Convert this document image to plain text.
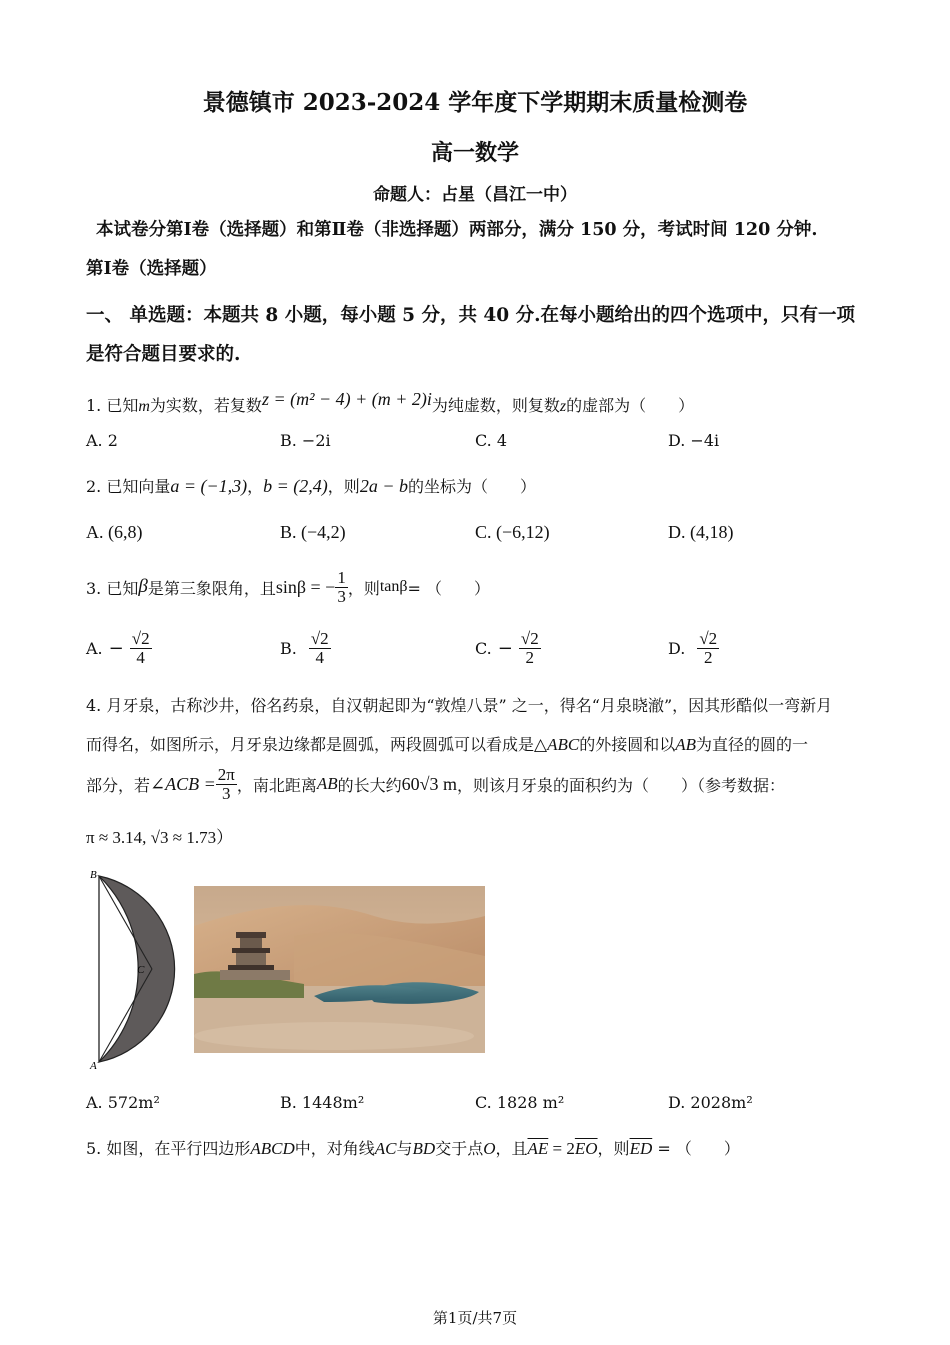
景德镇市 2023-2024 学年度下学期期末质量检测卷
高一数学
命题人：占星（昌江一中）
本试卷分第Ⅰ卷（选择题）和第Ⅱ卷（非选择题）两部分，满分 150 分，考试时间 120 分钟.
第Ⅰ卷（选择题）
一、 单选题：本题共 8 小题，每小题 5 分，共 40 分.在每小题给出的四个选项中，只有一项
是符合题目要求的.
1. 已知m为实数，若复数z = (m² − 4) + (m + 2)i为纯虚数，则复数z的虚部为（　　）
A. 2	B. −2i	C. 4	D. −4i
2. 已知向量a = (−1,3)，b = (2,4)，则2a − b的坐标为（　　）
A. (6,8)	B. (−4,2)	C. (−6,12)	D. (4,18)
3. 已知 β 是第三象限角，且 sinβ = − $\frac{1}{3}$ ，则 tanβ = （　　）
A. − $\frac{√2}{4}$	B. $\frac{√2}{4}$	C. − $\frac{√2}{2}$	D. $\frac{√2}{2}$
4. 月牙泉，古称沙井，俗名药泉，自汉朝起即为“敦煌八景” 之一，得名“月泉晓澈”，因其形酷似一弯新月
而得名，如图所示，月牙泉边缘都是圆弧，两段圆弧可以看成是△ABC的外接圆和以AB为直径的圆的一
部分，若 ∠ACB = $\frac{2\pi}{3}$ ，南北距离 AB 的长大约 60√3 m ，则该月牙泉的面积约为（　　）（参考数据：
π ≈ 3.14, √3 ≈ 1.73）
B
C
A
A. 572m²	B. 1448m²	C. 1828 m²	D. 2028m²
5. 如图，在平行四边形ABCD中，对角线AC与BD交于点O，且$\overline{AE} = 2\overline{EO}$，则$\overline{ED}$ = （　　）
第1页/共7页
